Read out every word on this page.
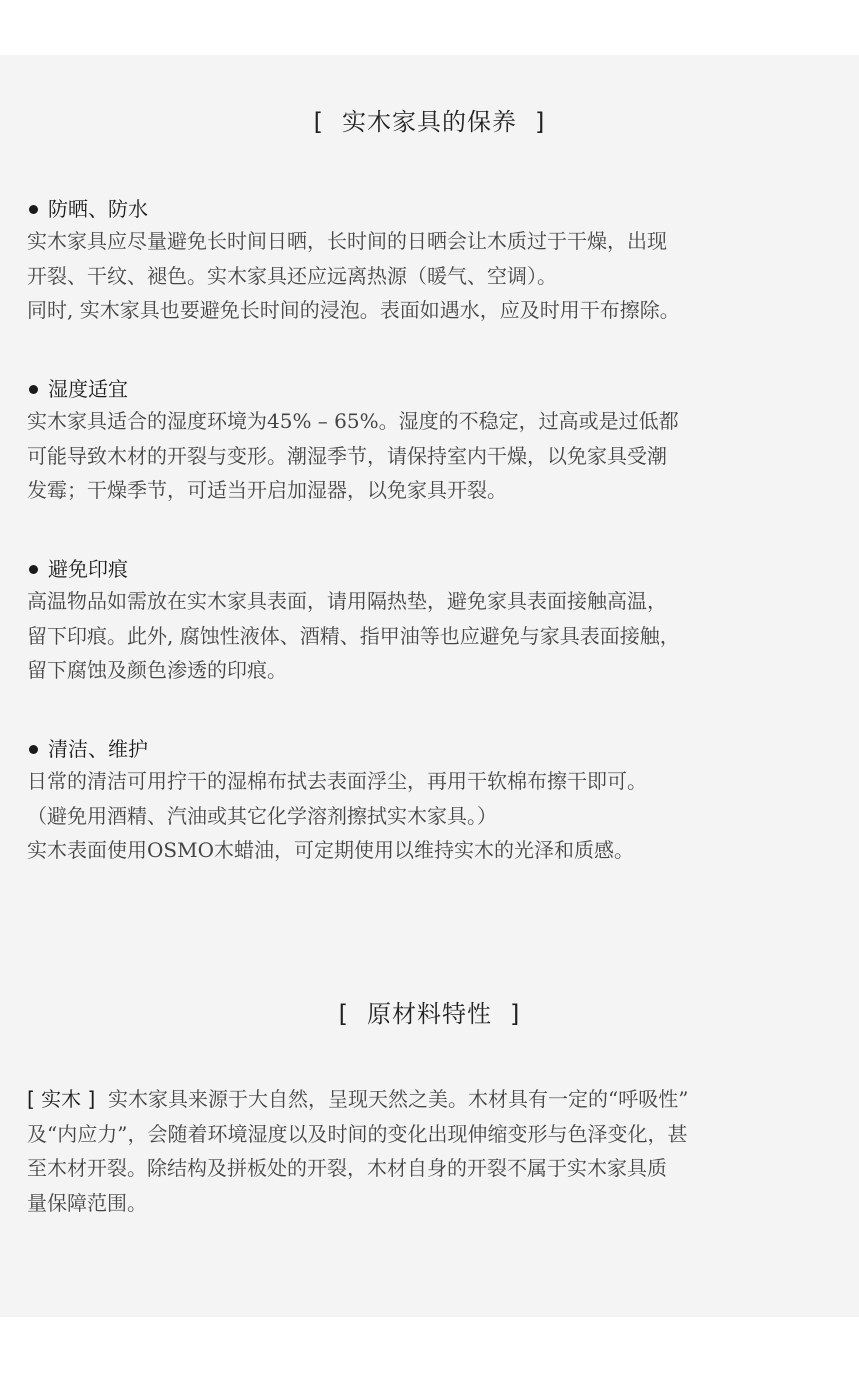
[ 实木家具的保养 ]
防晒、防水
实木家具应尽量避免长时间日晒，长时间的日晒会让木质过于干燥，出现
开裂、干纹、褪色。实木家具还应远离热源（暖气、空调）。
同时, 实木家具也要避免长时间的浸泡。表面如遇水，应及时用干布擦除。
湿度适宜
实木家具适合的湿度环境为45% – 65%。湿度的不稳定，过高或是过低都
可能导致木材的开裂与变形。潮湿季节，请保持室内干燥，以免家具受潮
发霉；干燥季节，可适当开启加湿器，以免家具开裂。
避免印痕
高温物品如需放在实木家具表面，请用隔热垫，避免家具表面接触高温，
留下印痕。此外, 腐蚀性液体、酒精、指甲油等也应避免与家具表面接触，
留下腐蚀及颜色渗透的印痕。
清洁、维护
日常的清洁可用拧干的湿棉布拭去表面浮尘，再用干软棉布擦干即可。
（避免用酒精、汽油或其它化学溶剂擦拭实木家具。）
实木表面使用OSMO木蜡油，可定期使用以维持实木的光泽和质感。
[ 原材料特性 ]
[ 实木 ] 实木家具来源于大自然，呈现天然之美。木材具有一定的“呼吸性”
及“内应力”，会随着环境湿度以及时间的变化出现伸缩变形与色泽变化，甚
至木材开裂。除结构及拼板处的开裂，木材自身的开裂不属于实木家具质
量保障范围。
